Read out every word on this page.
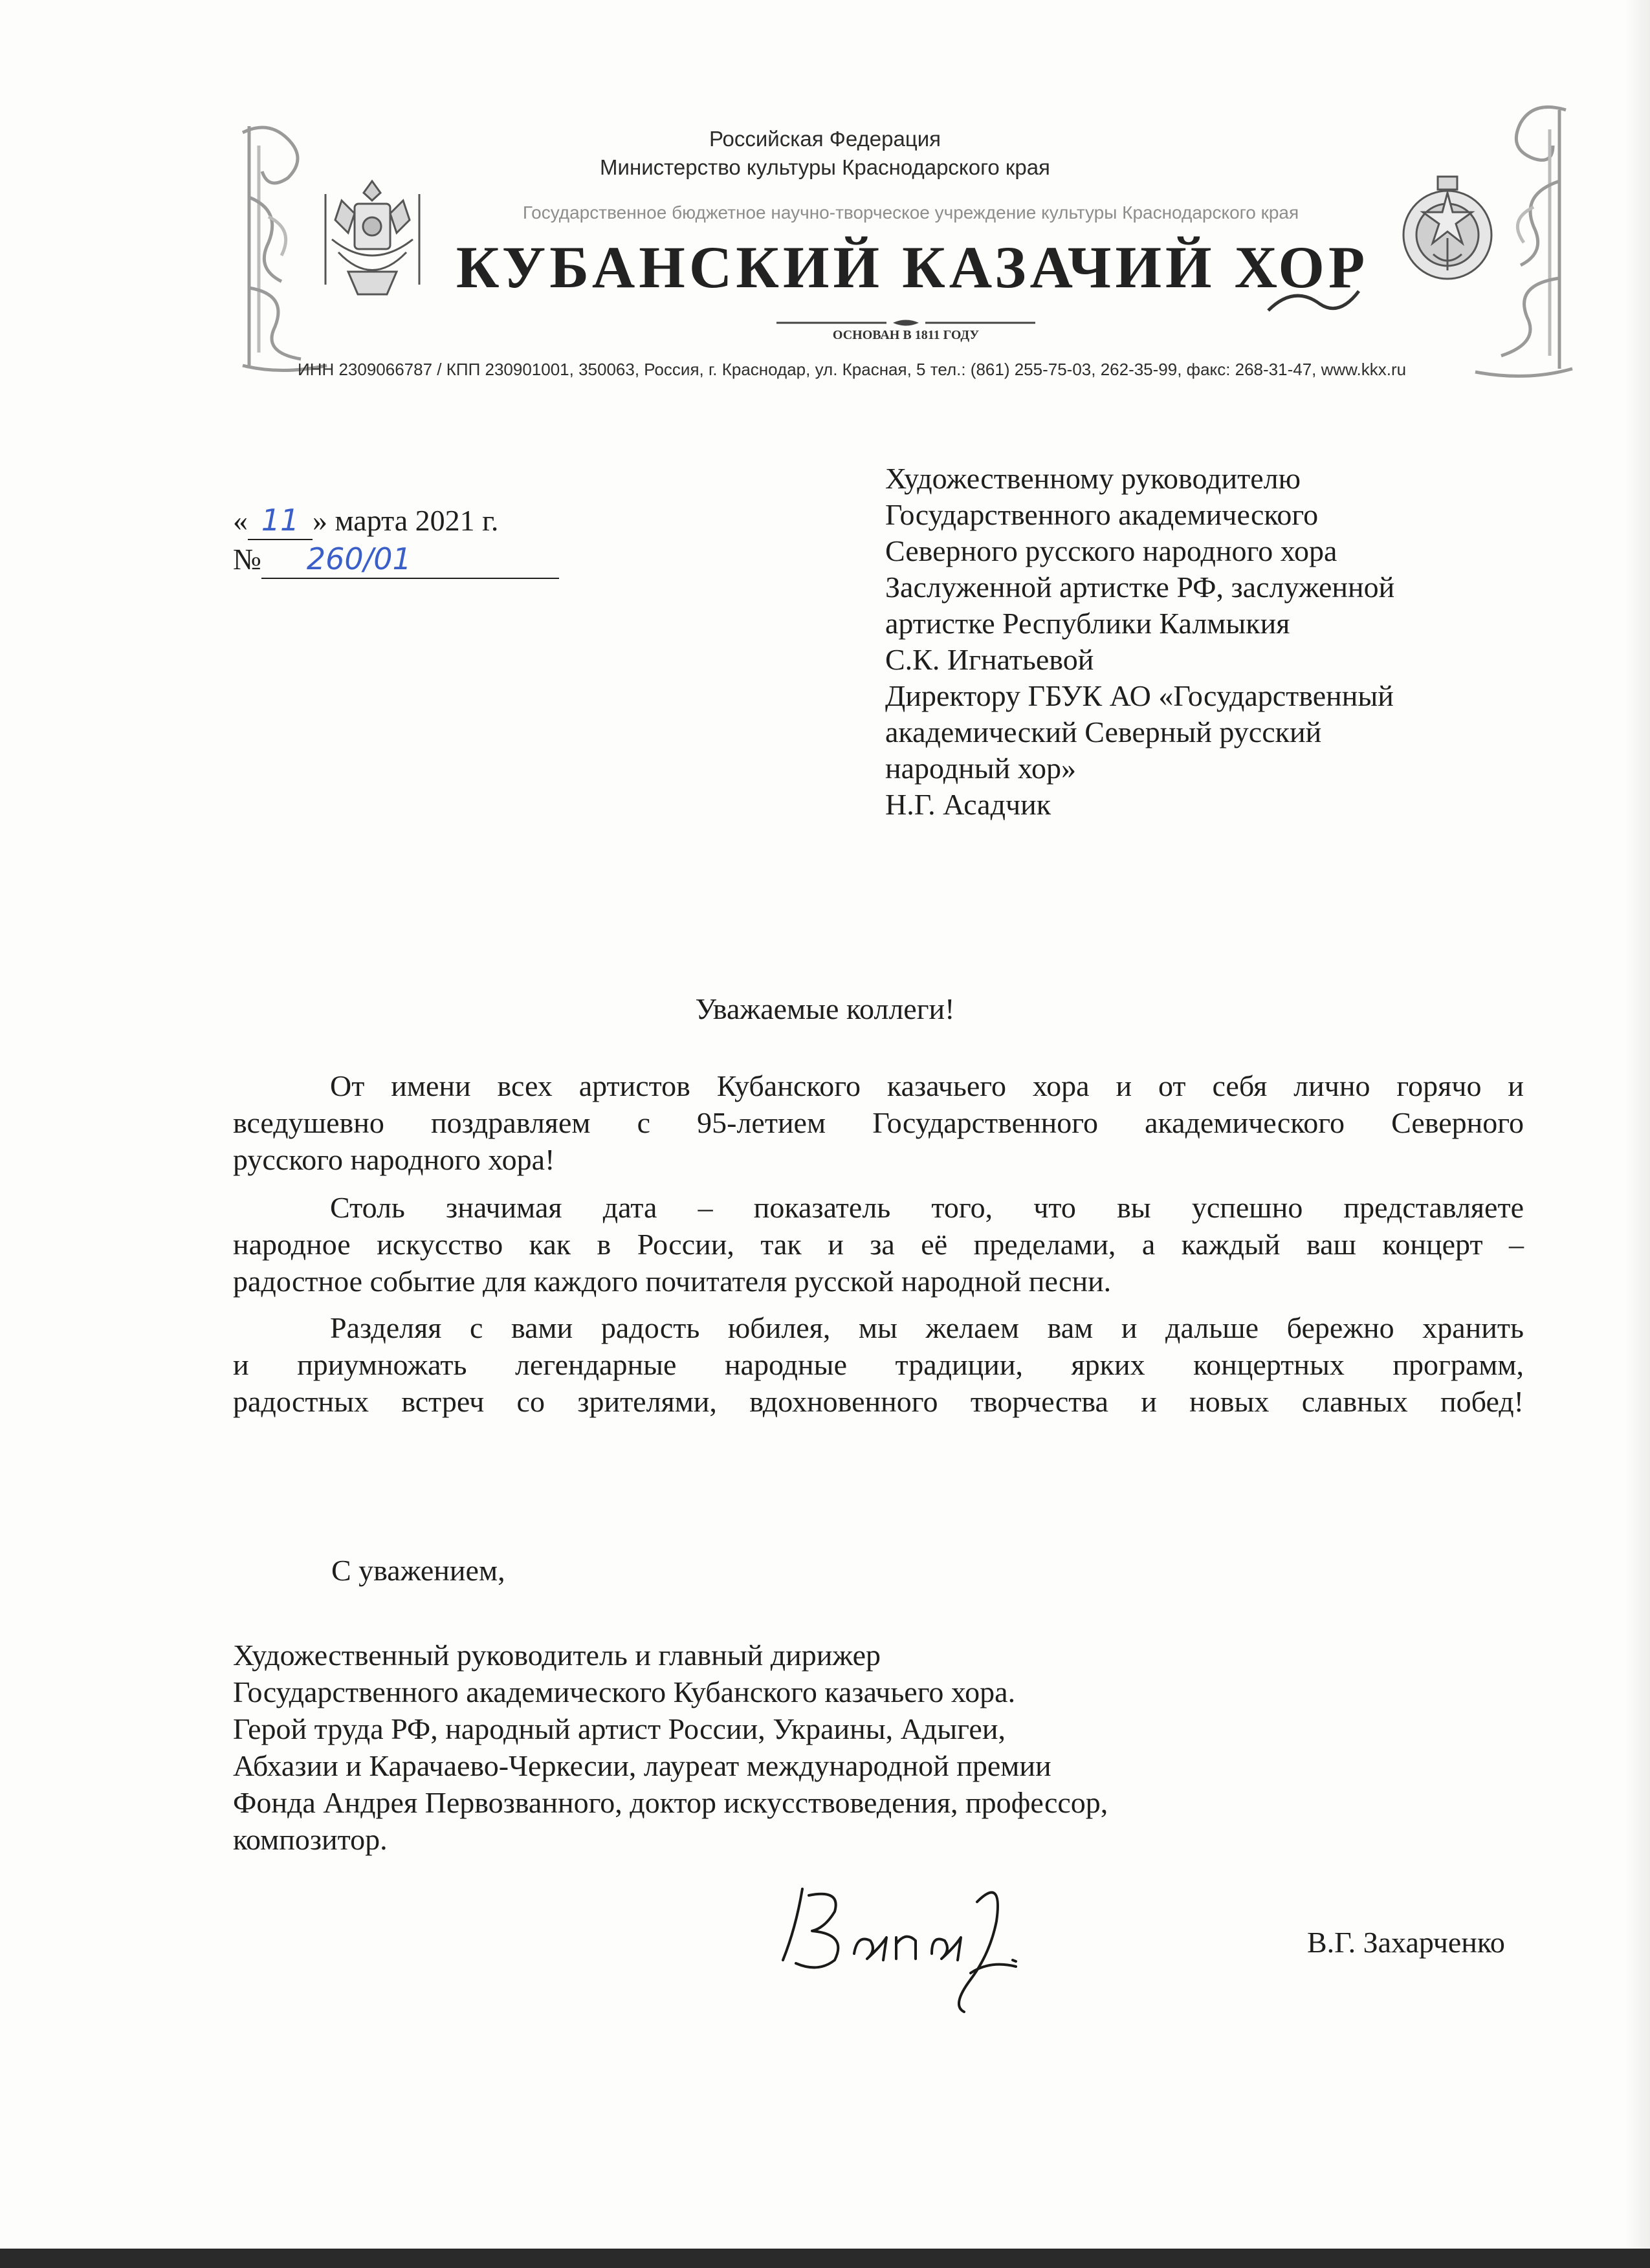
Российская Федерация
Министерство культуры Краснодарского края
Государственное бюджетное научно-творческое учреждение культуры Краснодарского края
КУБАНСКИЙ КАЗАЧИЙ ХОР
ОСНОВАН В 1811 ГОДУ
ИНН 2309066787 / КПП 230901001, 350063, Россия, г. Краснодар, ул. Красная, 5 тел.: (861) 255-75-03, 262-35-99, факс: 268-31-47, www.kkx.ru
« 11 » марта 2021 г.
№ 260/01
Художественному руководителю
Государственного академического
Северного русского народного хора
Заслуженной артистке РФ, заслуженной
артистке Республики Калмыкия
С.К. Игнатьевой
Директору ГБУК АО «Государственный
академический Северный русский
народный хор»
Н.Г. Асадчик
Уважаемые коллеги!
От имени всех артистов Кубанского казачьего хора и от себя лично горячо и
вседушевно поздравляем с 95-летием Государственного академического Северного
русского народного хора!
Столь значимая дата – показатель того, что вы успешно представляете
народное искусство как в России, так и за её пределами, а каждый ваш концерт –
радостное событие для каждого почитателя русской народной песни.
Разделяя с вами радость юбилея, мы желаем вам и дальше бережно хранить
и приумножать легендарные народные традиции, ярких концертных программ,
радостных встреч со зрителями, вдохновенного творчества и новых славных побед!
С уважением,
Художественный руководитель и главный дирижер
Государственного академического Кубанского казачьего хора.
Герой труда РФ, народный артист России, Украины, Адыгеи,
Абхазии и Карачаево-Черкесии, лауреат международной премии
Фонда Андрея Первозванного, доктор искусствоведения, профессор,
композитор.
В.Г. Захарченко
